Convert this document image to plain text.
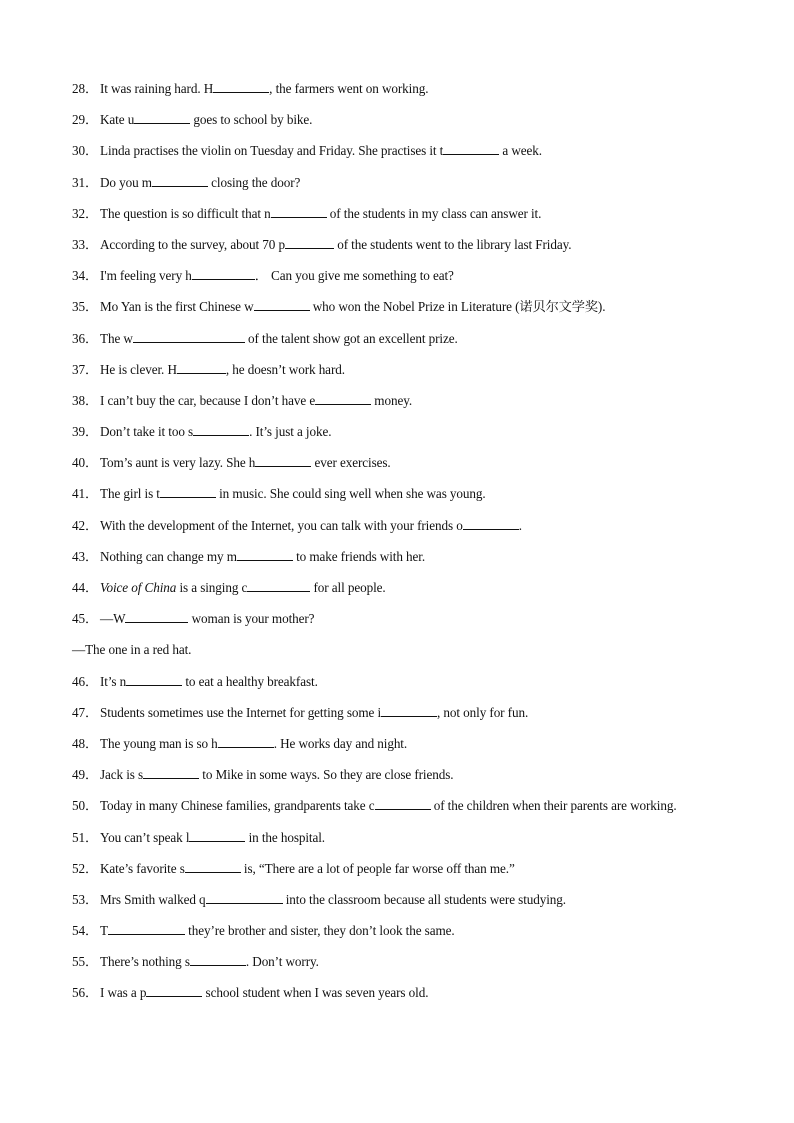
28． It was raining hard. H	, the farmers went on working.
29． Kate u	goes to school by bike.
30． Linda practises the violin on Tuesday and Friday. She practises it t	a week.
31． Do you m	closing the door?
32． The question is so difficult that n	of the students in my class can answer it.
33． According to the survey, about 70 p	of the students went to the library last Friday.
34． I'm feeling very h	． Can you give me something to eat?
35． Mo Yan is the first Chinese w	who won the Nobel Prize in Literature (诺贝尔文学奖).
36． The w	of the talent show got an excellent prize.
37． He is clever. H	, he doesn’t work hard.
38． I can’t buy the car, because I don’t have e	money.
39． Don’t take it too s	. It’s just a joke.
40． Tom’s aunt is very lazy. She h	ever exercises.
41． The girl is t	in music. She could sing well when she was young.
42． With the development of the Internet, you can talk with your friends o	.
43． Nothing can change my m	to make friends with her.
44． Voice of China is a singing c	for all people.
45． —W	woman is your mother?
—The one in a red hat.
46． It’s n	to eat a healthy breakfast.
47． Students sometimes use the Internet for getting some i	, not only for fun.
48． The young man is so h	. He works day and night.
49． Jack is s	to Mike in some ways. So they are close friends.
50． Today in many Chinese families, grandparents take c	of the children when their parents are working.
51． You can’t speak l	in the hospital.
52． Kate’s favorite s	is, “There are a lot of people far worse off than me.”
53． Mrs Smith walked q	into the classroom because all students were studying.
54． T	they’re brother and sister, they don’t look the same.
55． There’s nothing s	. Don’t worry.
56． I was a p	school student when I was seven years old.
